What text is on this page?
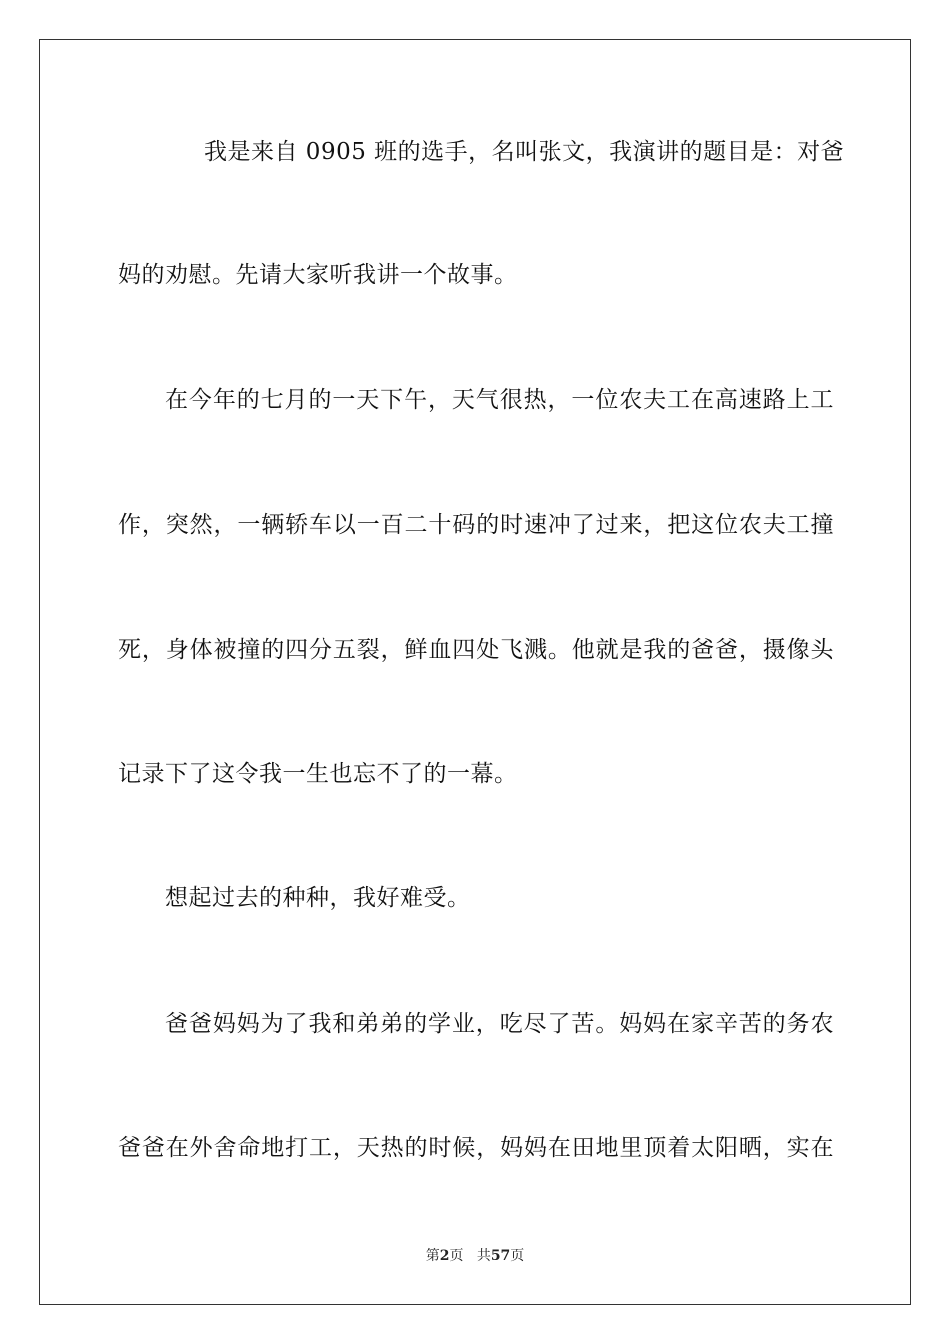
我是来自 0905 班的选手，名叫张文，我演讲的题目是：对爸
妈的劝慰。先请大家听我讲一个故事。
在今年的七月的一天下午，天气很热，一位农夫工在高速路上工
作，突然，一辆轿车以一百二十码的时速冲了过来，把这位农夫工撞
死，身体被撞的四分五裂，鲜血四处飞溅。他就是我的爸爸，摄像头
记录下了这令我一生也忘不了的一幕。
想起过去的种种，我好难受。
爸爸妈妈为了我和弟弟的学业，吃尽了苦。妈妈在家辛苦的务农
爸爸在外舍命地打工，天热的时候，妈妈在田地里顶着太阳晒，实在
第2页 共57页
